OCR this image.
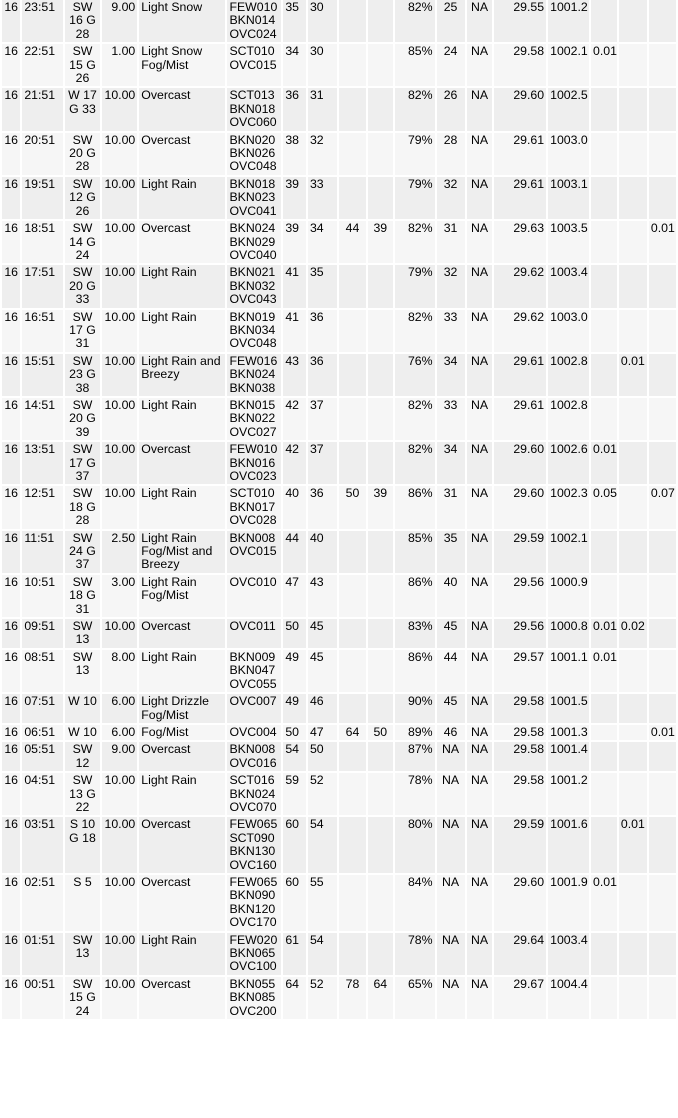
16	23:51	SW 16 G 28	9.00	Light Snow	FEW010 BKN014 OVC024	35	30			82%	25	NA	29.55	1001.2			
16	22:51	SW 15 G 26	1.00	Light Snow Fog/Mist	SCT010 OVC015	34	30			85%	24	NA	29.58	1002.1	0.01		
16	21:51	W 17 G 33	10.00	Overcast	SCT013 BKN018 OVC060	36	31			82%	26	NA	29.60	1002.5			
16	20:51	SW 20 G 28	10.00	Overcast	BKN020 BKN026 OVC048	38	32			79%	28	NA	29.61	1003.0			
16	19:51	SW 12 G 26	10.00	Light Rain	BKN018 BKN023 OVC041	39	33			79%	32	NA	29.61	1003.1			
16	18:51	SW 14 G 24	10.00	Overcast	BKN024 BKN029 OVC040	39	34	44	39	82%	31	NA	29.63	1003.5			0.01
16	17:51	SW 20 G 33	10.00	Light Rain	BKN021 BKN032 OVC043	41	35			79%	32	NA	29.62	1003.4			
16	16:51	SW 17 G 31	10.00	Light Rain	BKN019 BKN034 OVC048	41	36			82%	33	NA	29.62	1003.0			
16	15:51	SW 23 G 38	10.00	Light Rain and Breezy	FEW016 BKN024 BKN038	43	36			76%	34	NA	29.61	1002.8		0.01	
16	14:51	SW 20 G 39	10.00	Light Rain	BKN015 BKN022 OVC027	42	37			82%	33	NA	29.61	1002.8			
16	13:51	SW 17 G 37	10.00	Overcast	FEW010 BKN016 OVC023	42	37			82%	34	NA	29.60	1002.6	0.01		
16	12:51	SW 18 G 28	10.00	Light Rain	SCT010 BKN017 OVC028	40	36	50	39	86%	31	NA	29.60	1002.3	0.05		0.07
16	11:51	SW 24 G 37	2.50	Light Rain Fog/Mist and Breezy	BKN008 OVC015	44	40			85%	35	NA	29.59	1002.1			
16	10:51	SW 18 G 31	3.00	Light Rain Fog/Mist	OVC010	47	43			86%	40	NA	29.56	1000.9			
16	09:51	SW 13	10.00	Overcast	OVC011	50	45			83%	45	NA	29.56	1000.8	0.01	0.02	
16	08:51	SW 13	8.00	Light Rain	BKN009 BKN047 OVC055	49	45			86%	44	NA	29.57	1001.1	0.01		
16	07:51	W 10	6.00	Light Drizzle Fog/Mist	OVC007	49	46			90%	45	NA	29.58	1001.5			
16	06:51	W 10	6.00	Fog/Mist	OVC004	50	47	64	50	89%	46	NA	29.58	1001.3			0.01
16	05:51	SW 12	9.00	Overcast	BKN008 OVC016	54	50			87%	NA	NA	29.58	1001.4			
16	04:51	SW 13 G 22	10.00	Light Rain	SCT016 BKN024 OVC070	59	52			78%	NA	NA	29.58	1001.2			
16	03:51	S 10 G 18	10.00	Overcast	FEW065 SCT090 BKN130 OVC160	60	54			80%	NA	NA	29.59	1001.6		0.01	
16	02:51	S 5	10.00	Overcast	FEW065 BKN090 BKN120 OVC170	60	55			84%	NA	NA	29.60	1001.9	0.01		
16	01:51	SW 13	10.00	Light Rain	FEW020 BKN065 OVC100	61	54			78%	NA	NA	29.64	1003.4			
16	00:51	SW 15 G 24	10.00	Overcast	BKN055 BKN085 OVC200	64	52	78	64	65%	NA	NA	29.67	1004.4			
